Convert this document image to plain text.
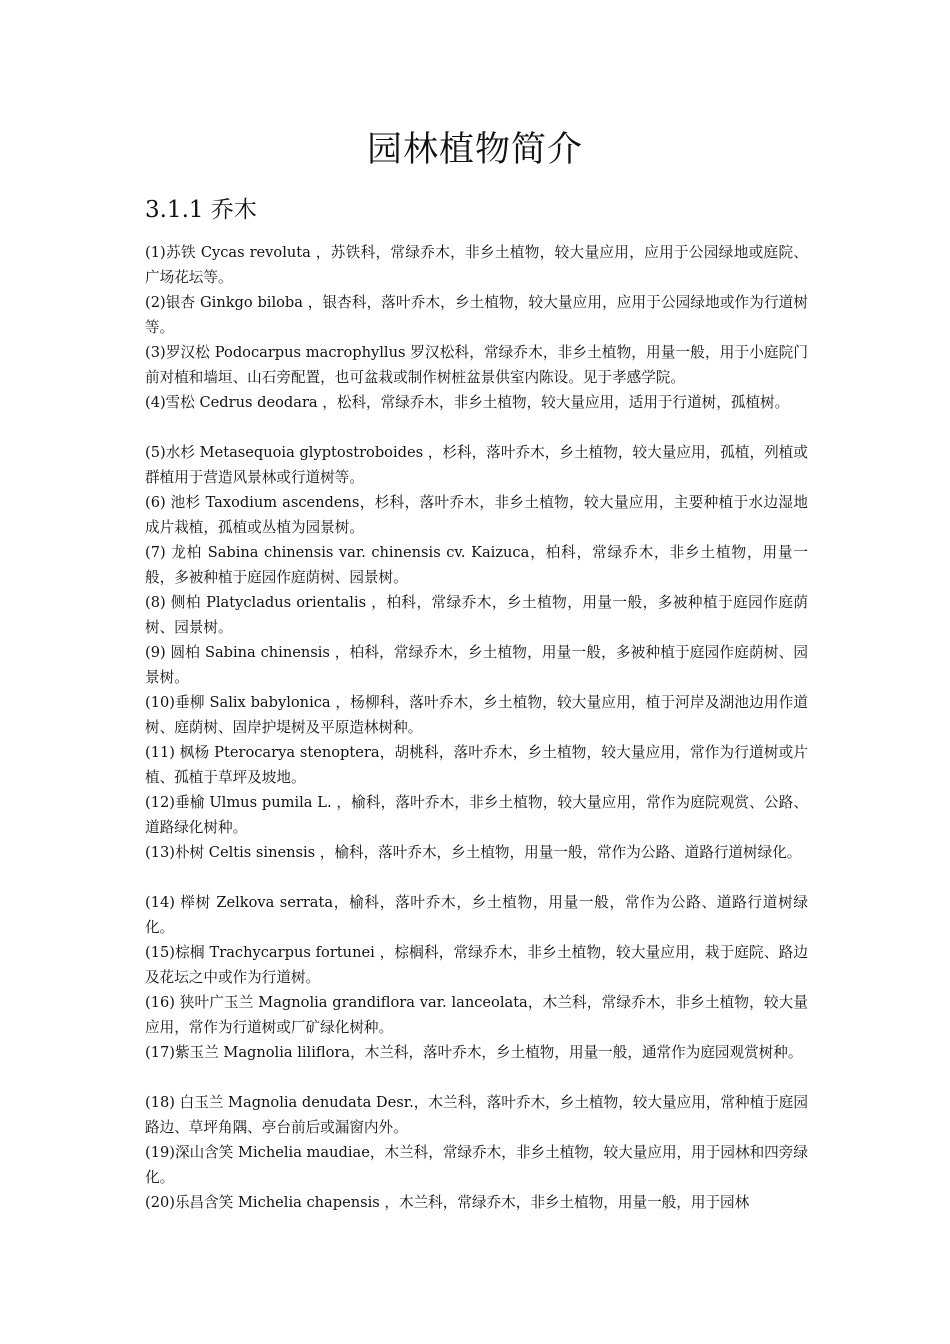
园林植物简介
3.1.1 乔木
(1)苏铁 Cycas revoluta ，苏铁科，常绿乔木，非乡土植物，较大量应用，应用于公园绿地或庭院、广场花坛等。
(2)银杏 Ginkgo biloba ，银杏科，落叶乔木，乡土植物，较大量应用，应用于公园绿地或作为行道树等。
(3)罗汉松 Podocarpus macrophyllus 罗汉松科，常绿乔木，非乡土植物，用量一般，用于小庭院门前对植和墙垣、山石旁配置，也可盆栽或制作树桩盆景供室内陈设。见于孝感学院。
(4)雪松 Cedrus deodara ，松科，常绿乔木，非乡土植物，较大量应用，适用于行道树，孤植树。
(5)水杉 Metasequoia glyptostroboides ，杉科，落叶乔木，乡土植物，较大量应用，孤植，列植或群植用于营造风景林或行道树等。
(6) 池杉 Taxodium ascendens，杉科，落叶乔木，非乡土植物，较大量应用，主要种植于水边湿地成片栽植，孤植或丛植为园景树。
(7) 龙柏 Sabina chinensis var. chinensis cv. Kaizuca，柏科，常绿乔木，非乡土植物，用量一般，多被种植于庭园作庭荫树、园景树。
(8) 侧柏 Platycladus orientalis ，柏科，常绿乔木，乡土植物，用量一般，多被种植于庭园作庭荫树、园景树。
(9) 圆柏 Sabina chinensis ，柏科，常绿乔木，乡土植物，用量一般，多被种植于庭园作庭荫树、园景树。
(10)垂柳 Salix babylonica ，杨柳科，落叶乔木，乡土植物，较大量应用，植于河岸及湖池边用作道树、庭荫树、固岸护堤树及平原造林树种。
(11) 枫杨 Pterocarya stenoptera，胡桃科，落叶乔木，乡土植物，较大量应用，常作为行道树或片植、孤植于草坪及坡地。
(12)垂榆 Ulmus pumila L. ，榆科，落叶乔木，非乡土植物，较大量应用，常作为庭院观赏、公路、道路绿化树种。
(13)朴树 Celtis sinensis ，榆科，落叶乔木，乡土植物，用量一般，常作为公路、道路行道树绿化。
(14) 榉树 Zelkova serrata，榆科，落叶乔木，乡土植物，用量一般，常作为公路、道路行道树绿化。
(15)棕榈 Trachycarpus fortunei ，棕榈科，常绿乔木，非乡土植物，较大量应用，栽于庭院、路边及花坛之中或作为行道树。
(16) 狭叶广玉兰 Magnolia grandiflora var. lanceolata，木兰科，常绿乔木，非乡土植物，较大量应用，常作为行道树或厂矿绿化树种。
(17)紫玉兰 Magnolia liliflora，木兰科，落叶乔木，乡土植物，用量一般，通常作为庭园观赏树种。
(18) 白玉兰 Magnolia denudata Desr.，木兰科，落叶乔木，乡土植物，较大量应用，常种植于庭园路边、草坪角隅、亭台前后或漏窗内外。
(19)深山含笑 Michelia maudiae，木兰科，常绿乔木，非乡土植物，较大量应用，用于园林和四旁绿化。
(20)乐昌含笑 Michelia chapensis ，木兰科，常绿乔木，非乡土植物，用量一般，用于园林
